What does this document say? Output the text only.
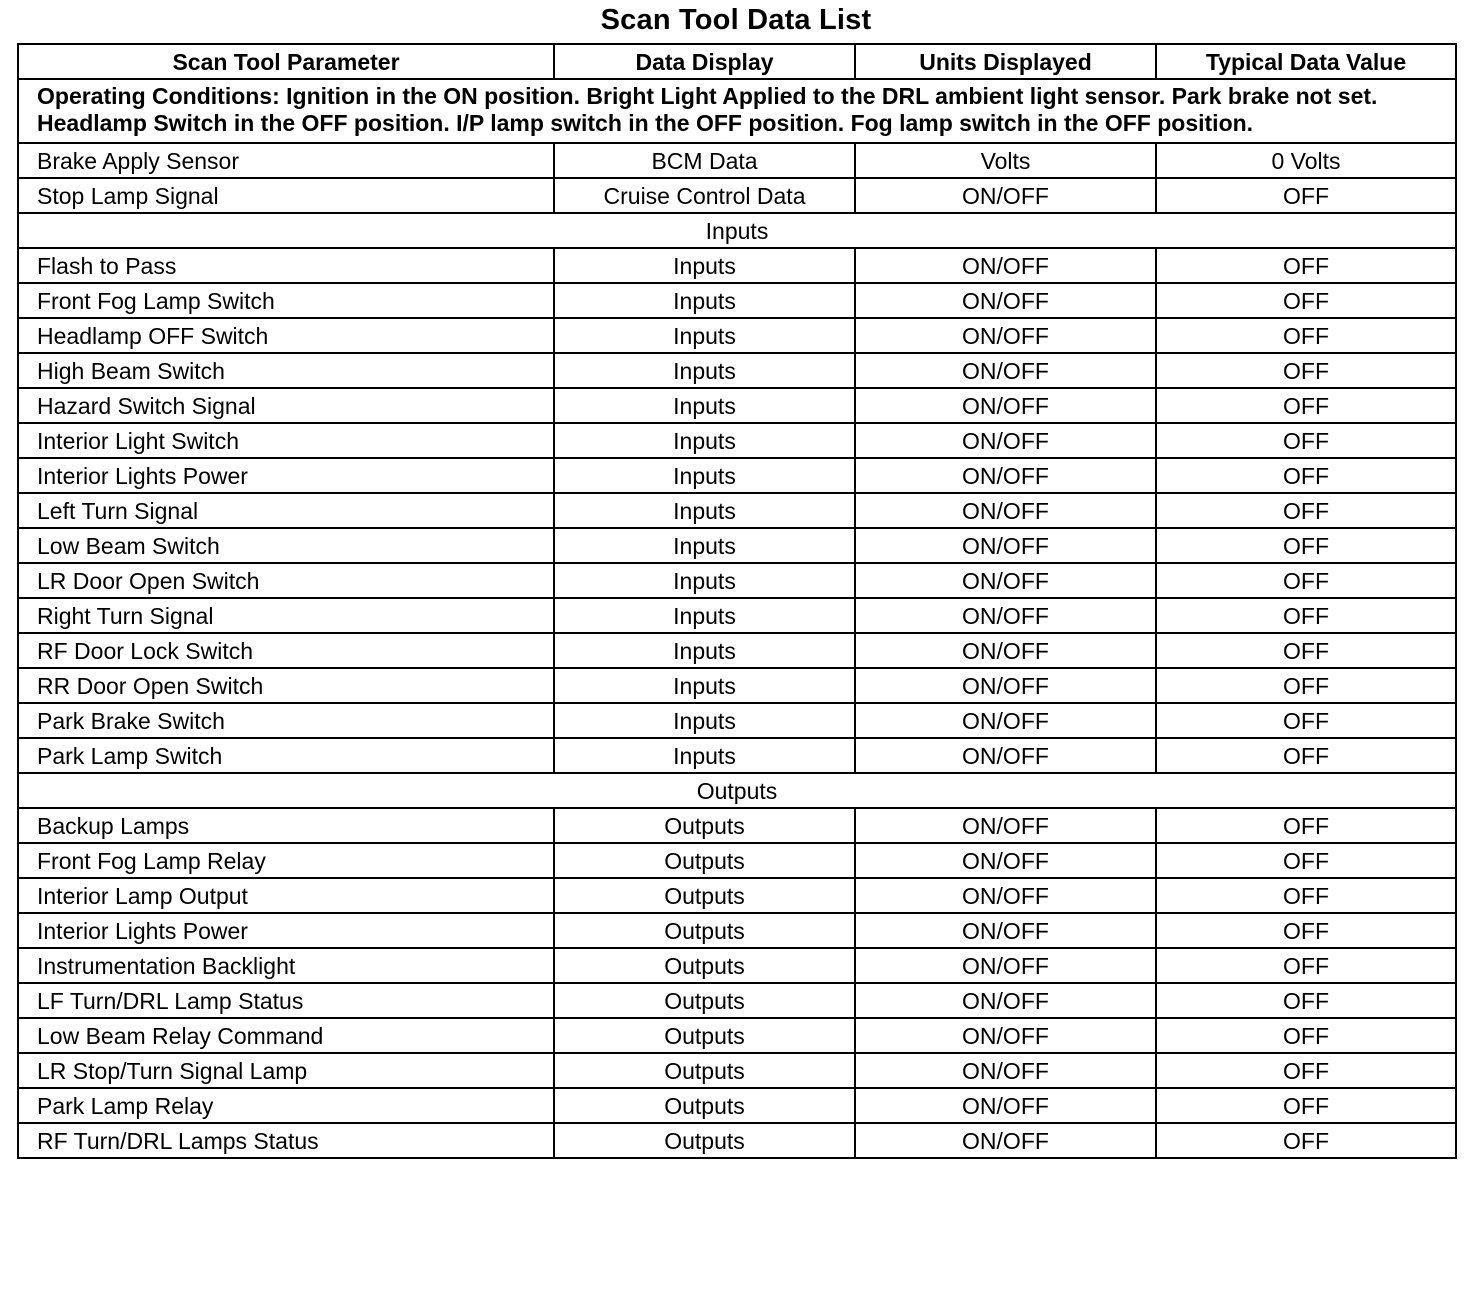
Scan Tool Data List
Scan Tool Parameter	Data Display	Units Displayed	Typical Data Value
Operating Conditions: Ignition in the ON position. Bright Light Applied to the DRL ambient light sensor. Park brake not set. Headlamp Switch in the OFF position. I/P lamp switch in the OFF position. Fog lamp switch in the OFF position.			
Brake Apply Sensor	BCM Data	Volts	0 Volts
Stop Lamp Signal	Cruise Control Data	ON/OFF	OFF
Inputs			
Flash to Pass	Inputs	ON/OFF	OFF
Front Fog Lamp Switch	Inputs	ON/OFF	OFF
Headlamp OFF Switch	Inputs	ON/OFF	OFF
High Beam Switch	Inputs	ON/OFF	OFF
Hazard Switch Signal	Inputs	ON/OFF	OFF
Interior Light Switch	Inputs	ON/OFF	OFF
Interior Lights Power	Inputs	ON/OFF	OFF
Left Turn Signal	Inputs	ON/OFF	OFF
Low Beam Switch	Inputs	ON/OFF	OFF
LR Door Open Switch	Inputs	ON/OFF	OFF
Right Turn Signal	Inputs	ON/OFF	OFF
RF Door Lock Switch	Inputs	ON/OFF	OFF
RR Door Open Switch	Inputs	ON/OFF	OFF
Park Brake Switch	Inputs	ON/OFF	OFF
Park Lamp Switch	Inputs	ON/OFF	OFF
Outputs			
Backup Lamps	Outputs	ON/OFF	OFF
Front Fog Lamp Relay	Outputs	ON/OFF	OFF
Interior Lamp Output	Outputs	ON/OFF	OFF
Interior Lights Power	Outputs	ON/OFF	OFF
Instrumentation Backlight	Outputs	ON/OFF	OFF
LF Turn/DRL Lamp Status	Outputs	ON/OFF	OFF
Low Beam Relay Command	Outputs	ON/OFF	OFF
LR Stop/Turn Signal Lamp	Outputs	ON/OFF	OFF
Park Lamp Relay	Outputs	ON/OFF	OFF
RF Turn/DRL Lamps Status	Outputs	ON/OFF	OFF
